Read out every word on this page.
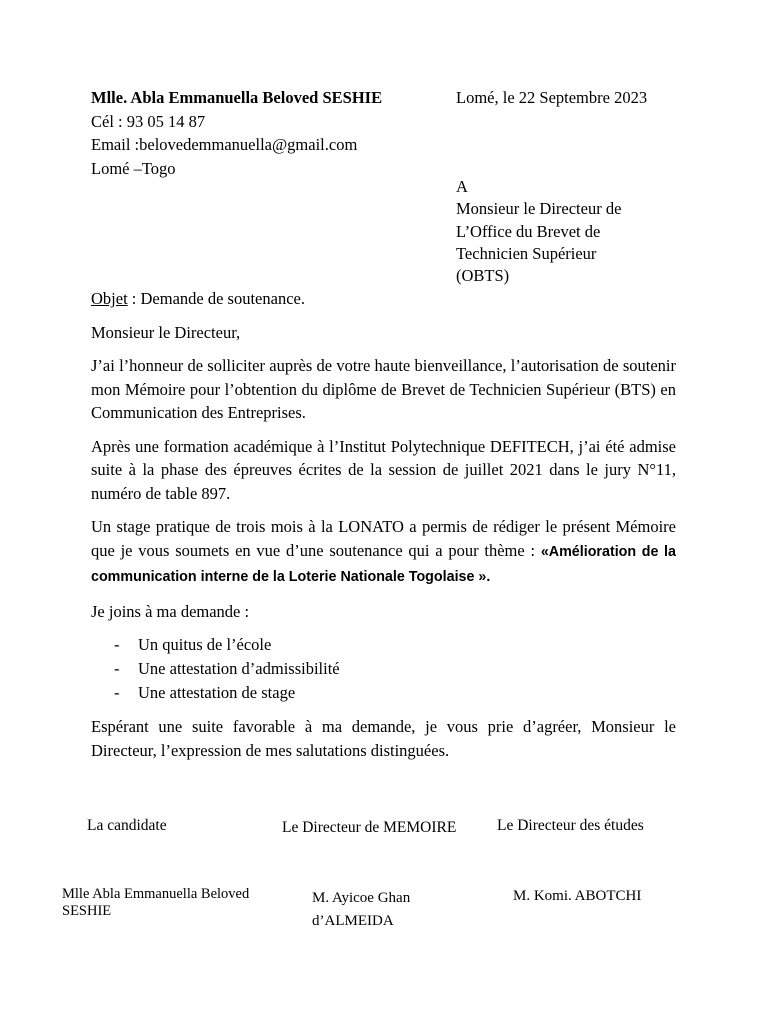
Mlle. Abla Emmanuella Beloved SESHIE
Cél : 93 05 14 87
Email :belovedemmanuella@gmail.com
Lomé –Togo
Lomé, le 22 Septembre 2023
A
Monsieur le Directeur de
L’Office du Brevet de
Technicien Supérieur
(OBTS)

Objet : Demande de soutenance.

Monsieur le Directeur,

J’ai l’honneur de solliciter auprès de votre haute bienveillance, l’autorisation de soutenir mon Mémoire pour l’obtention du diplôme de Brevet de Technicien Supérieur (BTS) en Communication des Entreprises.

Après une formation académique à l’Institut Polytechnique DEFITECH, j’ai été admise suite à la phase des épreuves écrites de la session de juillet 2021 dans le jury N°11, numéro de table 897.

Un stage pratique de trois mois à la LONATO a permis de rédiger le présent Mémoire que je vous soumets en vue d’une soutenance qui a pour thème : «Amélioration de la communication interne de la Loterie Nationale Togolaise ».

Je joins à ma demande :

- Un quitus de l’école
- Une attestation d’admissibilité
- Une attestation de stage

Espérant une suite favorable à ma demande, je vous prie d’agréer, Monsieur le Directeur, l’expression de mes salutations distinguées.

La candidate	Le Directeur de MEMOIRE	Le Directeur des études
Mlle Abla Emmanuella Beloved
SESHIE
M. Ayicoe Ghan
d’ALMEIDA
M. Komi. ABOTCHI
